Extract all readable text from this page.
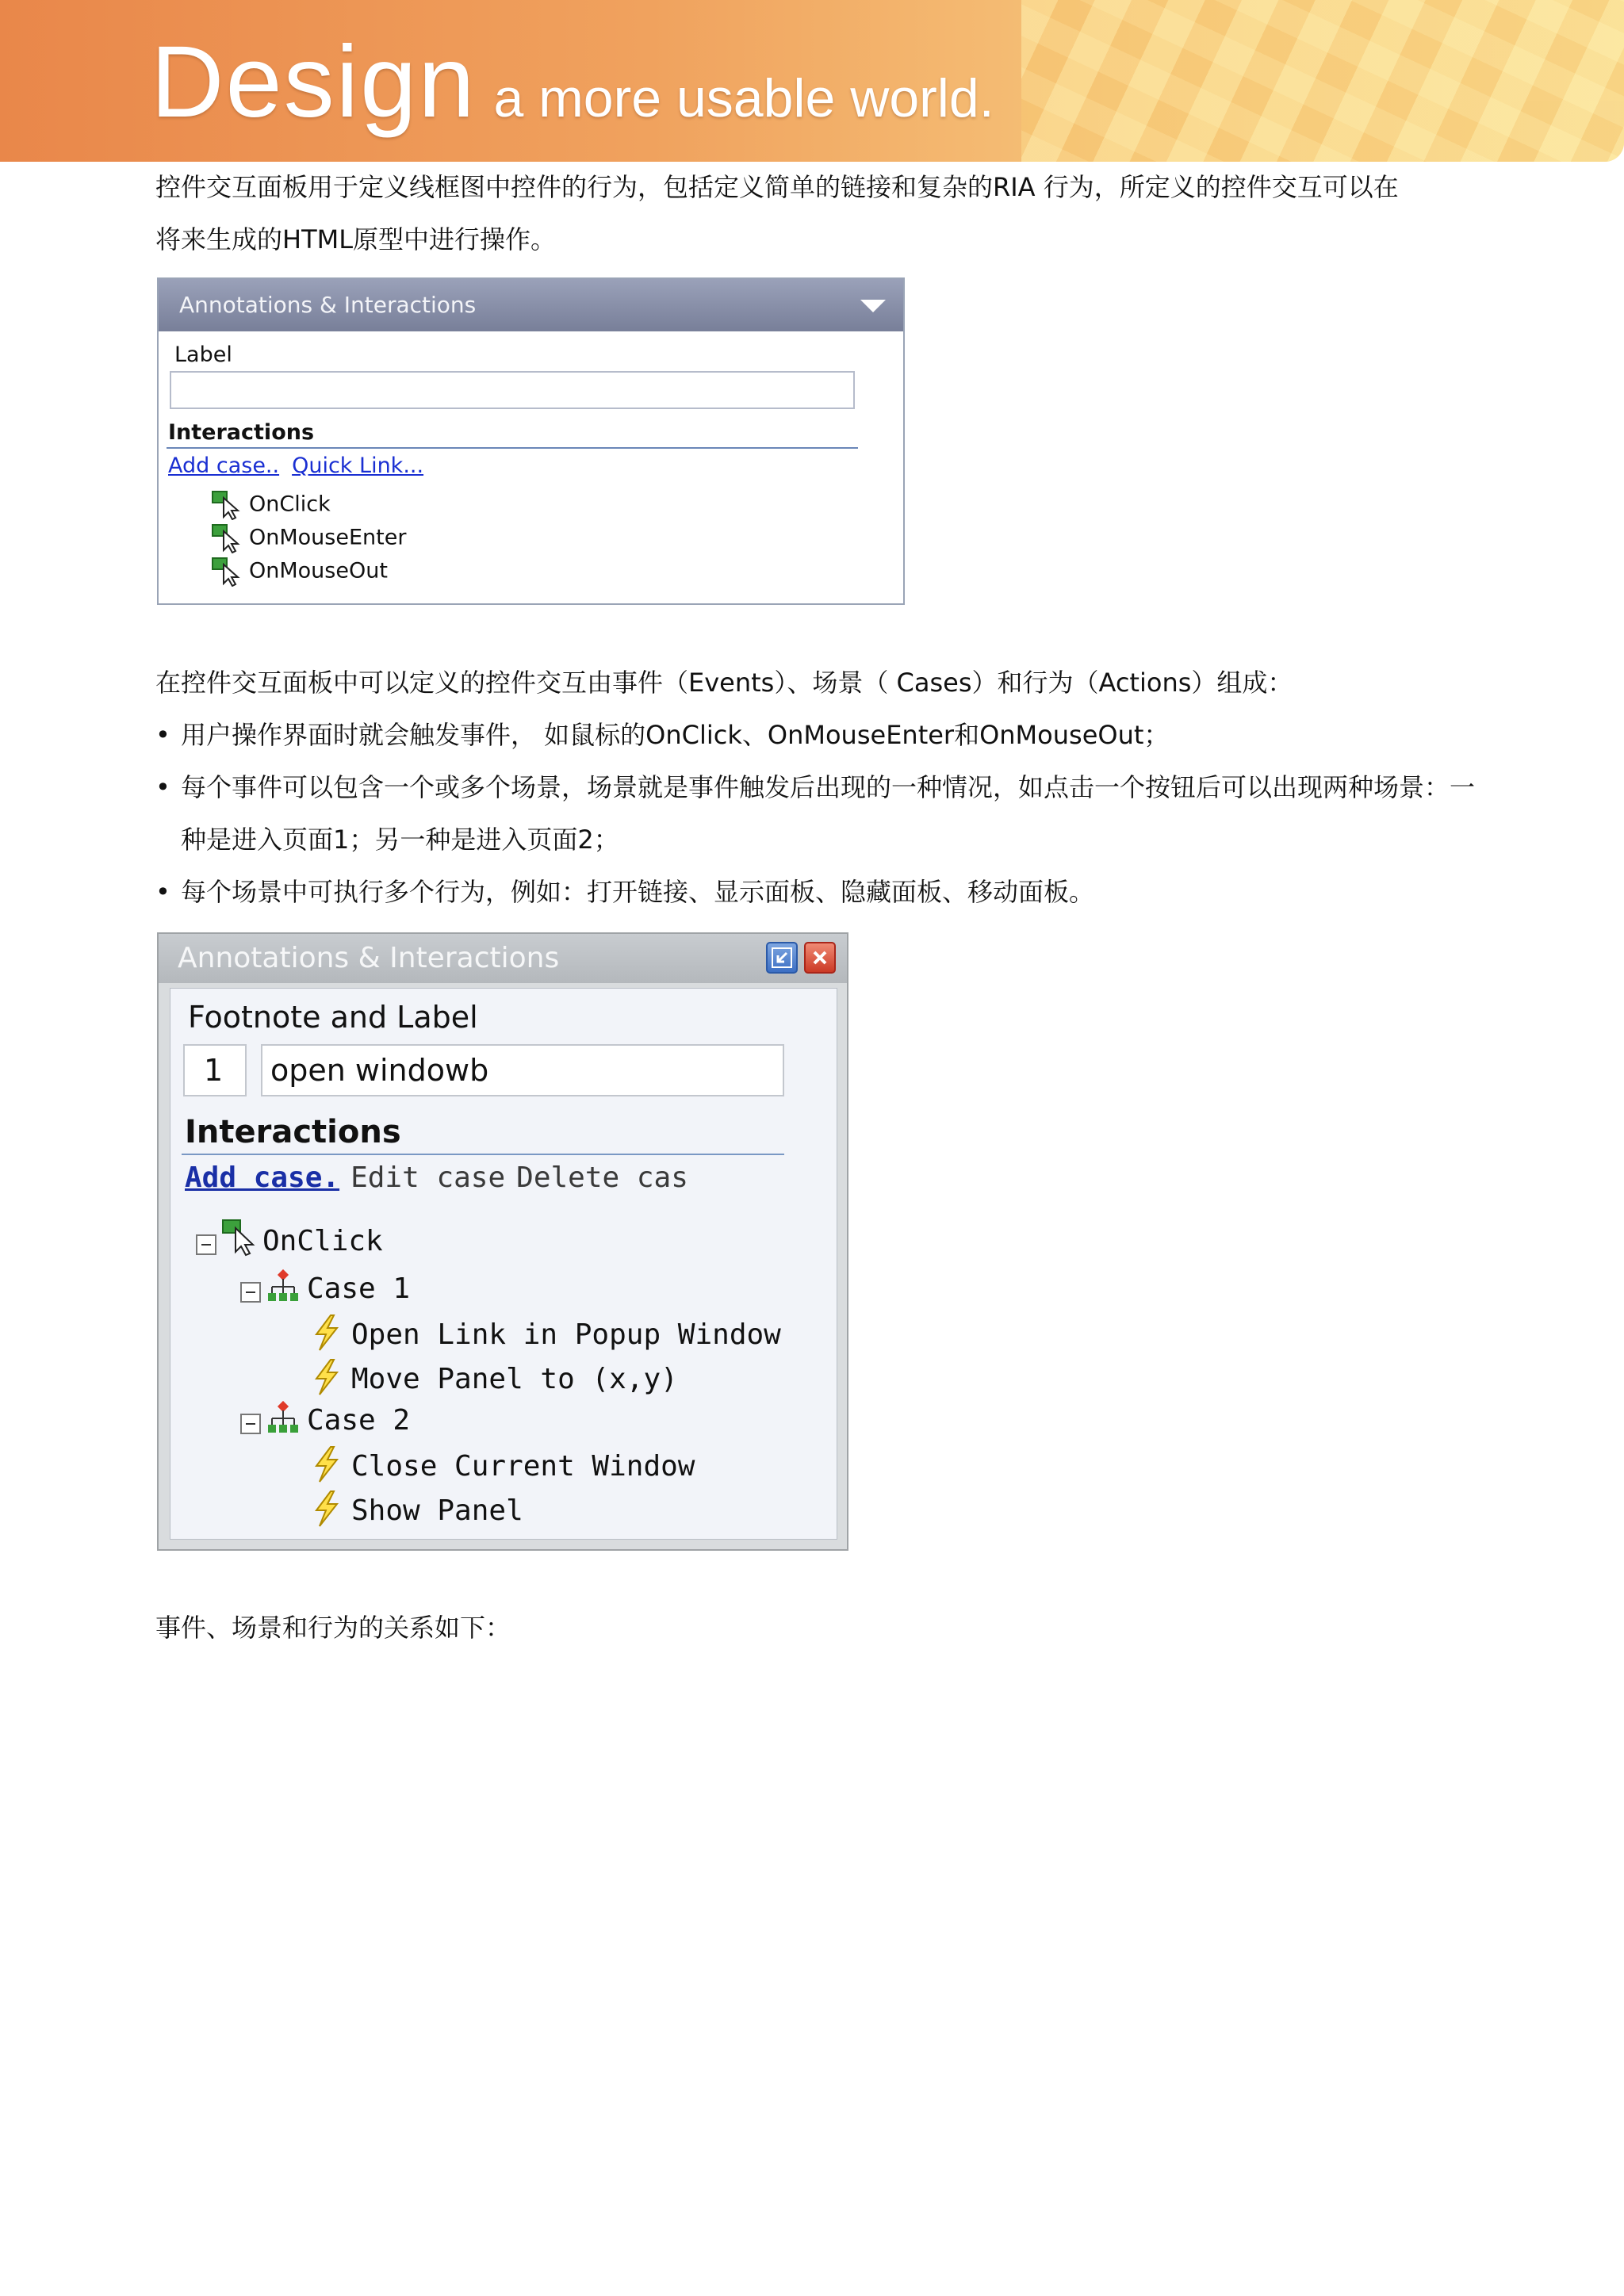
Design a more usable world.
控件交互面板用于定义线框图中控件的行为，包括定义简单的链接和复杂的RIA 行为，所定义的控件交互可以在
将来生成的HTML原型中进行操作。
Annotations & Interactions
Label
Interactions
Add case.. Quick Link...
OnClick
OnMouseEnter
OnMouseOut
在控件交互面板中可以定义的控件交互由事件（Events）、场景（ Cases）和行为（Actions）组成：
• 用户操作界面时就会触发事件， 如鼠标的OnClick、OnMouseEnter和OnMouseOut；
• 每个事件可以包含一个或多个场景，场景就是事件触发后出现的一种情况，如点击一个按钮后可以出现两种场景：一种是进入页面1；另一种是进入页面2；
• 每个场景中可执行多个行为，例如：打开链接、显示面板、隐藏面板、移动面板。
Annotations & Interactions
Footnote and Label
1	open windowb
Interactions
Add case. Edit case Delete cas
OnClick
Case 1
Open Link in Popup Window
Move Panel to (x,y)
Case 2
Close Current Window
Show Panel
事件、场景和行为的关系如下：
